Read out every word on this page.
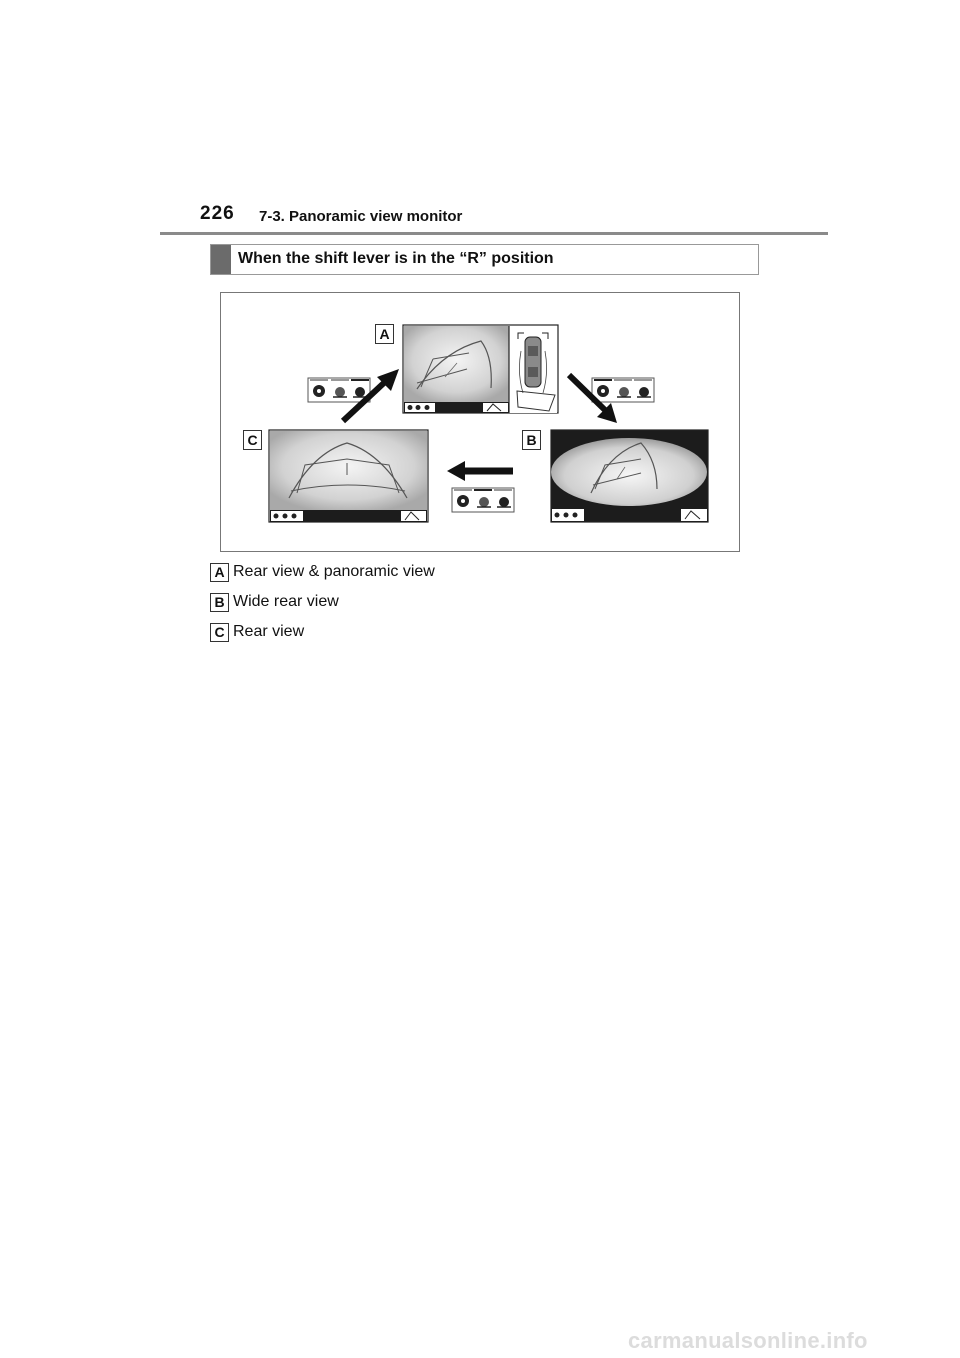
226 7-3. Panoramic view monitor
When the shift lever is in the “R” position
A
B
C
A Rear view & panoramic view
B Wide rear view
C Rear view
carmanualsonline.info
